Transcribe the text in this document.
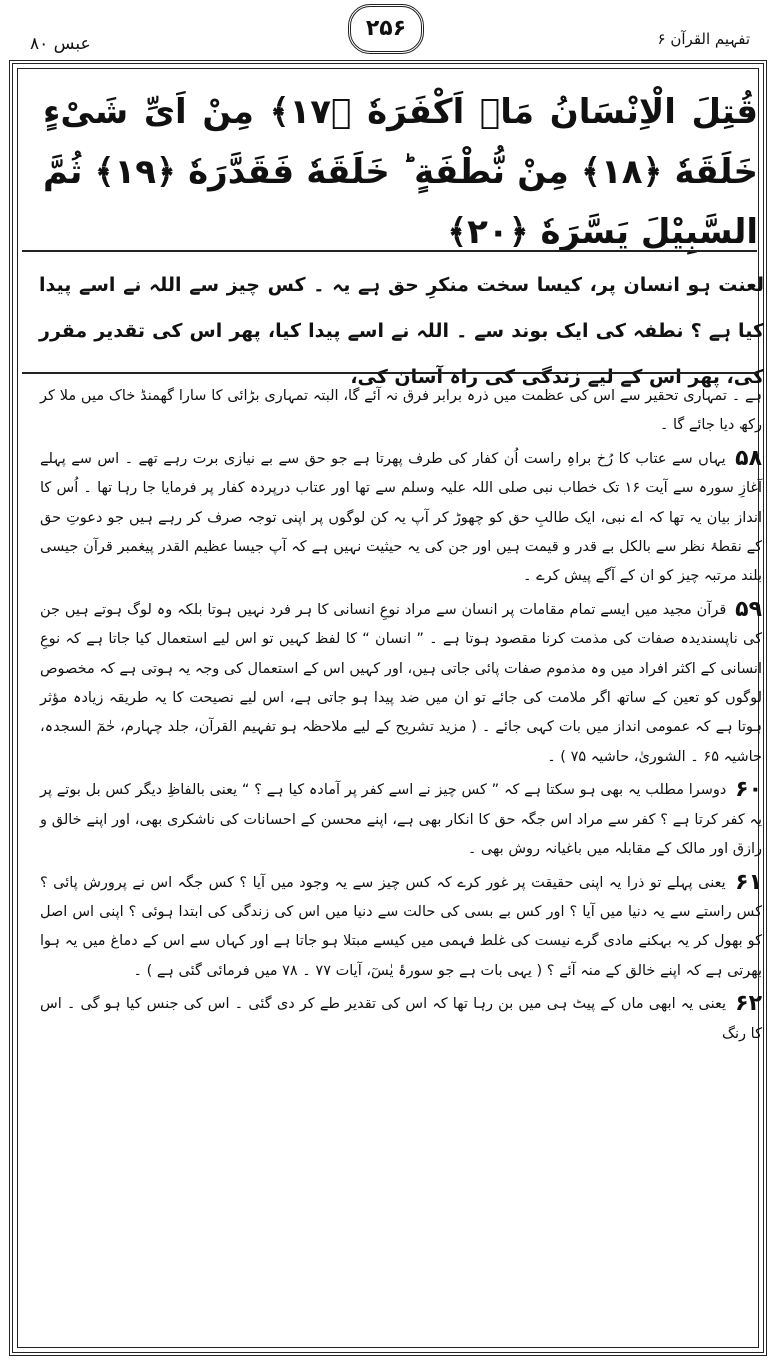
عبس ۸۰
۲۵۶	تفہیم القرآن ۶
قُتِلَ الْاِنْسَانُ مَاۤ اَكْفَرَهٗ ﴿۱۷﴾ مِنْ اَیِّ شَیْءٍ خَلَقَهٗ ﴿۱۸﴾ مِنْ نُّطْفَةٍ ؕ خَلَقَهٗ فَقَدَّرَهٗ ﴿۱۹﴾ ثُمَّ السَّبِیْلَ یَسَّرَهٗ ﴿۲۰﴾
لعنت ہو انسان پر، کیسا سخت منکرِ حق ہے یہ ۔ کس چیز سے اللہ نے اسے پیدا کیا ہے ؟ نطفہ کی ایک بوند سے ۔ اللہ نے اسے پیدا کیا، پھر اس کی تقدیر مقرر کی، پھر اس کے لیے زندگی کی راہ آسان کی،

ہے ۔ تمہاری تحقیر سے اس کی عظمت میں ذرہ برابر فرق نہ آئے گا، البتہ تمہاری بڑائی کا سارا گھمنڈ خاک میں ملا کر رکھ دیا جائے گا ۔

۵۸ یہاں سے عتاب کا رُخ براہِ راست اُن کفار کی طرف پھرتا ہے جو حق سے بے نیازی برت رہے تھے ۔ اس سے پہلے آغازِ سورہ سے آیت ۱۶ تک خطاب نبی صلی اللہ علیہ وسلم سے تھا اور عتاب درپردہ کفار پر فرمایا جا رہا تھا ۔ اُس کا انداز بیان یہ تھا کہ اے نبی، ایک طالبِ حق کو چھوڑ کر آپ یہ کن لوگوں پر اپنی توجہ صرف کر رہے ہیں جو دعوتِ حق کے نقطۂ نظر سے بالکل بے قدر و قیمت ہیں اور جن کی یہ حیثیت نہیں ہے کہ آپ جیسا عظیم القدر پیغمبر قرآن جیسی بلند مرتبہ چیز کو ان کے آگے پیش کرے ۔

۵۹ قرآن مجید میں ایسے تمام مقامات پر انسان سے مراد نوعِ انسانی کا ہر فرد نہیں ہوتا بلکہ وہ لوگ ہوتے ہیں جن کی ناپسندیدہ صفات کی مذمت کرنا مقصود ہوتا ہے ۔ ” انسان “ کا لفظ کہیں تو اس لیے استعمال کیا جاتا ہے کہ نوعِ انسانی کے اکثر افراد میں وہ مذموم صفات پائی جاتی ہیں، اور کہیں اس کے استعمال کی وجہ یہ ہوتی ہے کہ مخصوص لوگوں کو تعین کے ساتھ اگر ملامت کی جائے تو ان میں ضد پیدا ہو جاتی ہے، اس لیے نصیحت کا یہ طریقہ زیادہ مؤثر ہوتا ہے کہ عمومی انداز میں بات کہی جائے ۔ ( مزید تشریح کے لیے ملاحظہ ہو تفہیم القرآن، جلد چہارم، حٰمٓ السجدہ، حاشیہ ۶۵ ۔ الشوریٰ، حاشیہ ۷۵ ) ۔

۶۰ دوسرا مطلب یہ بھی ہو سکتا ہے کہ ” کس چیز نے اسے کفر پر آمادہ کیا ہے ؟ “ یعنی بالفاظِ دیگر کس بل بوتے پر یہ کفر کرتا ہے ؟ کفر سے مراد اس جگہ حق کا انکار بھی ہے، اپنے محسن کے احسانات کی ناشکری بھی، اور اپنے خالق و رازق اور مالک کے مقابلہ میں باغیانہ روش بھی ۔

۶۱ یعنی پہلے تو ذرا یہ اپنی حقیقت پر غور کرے کہ کس چیز سے یہ وجود میں آیا ؟ کس جگہ اس نے پرورش پائی ؟ کس راستے سے یہ دنیا میں آیا ؟ اور کس بے بسی کی حالت سے دنیا میں اس کی زندگی کی ابتدا ہوئی ؟ اپنی اس اصل کو بھول کر یہ بہکنے مادی گرے نیست کی غلط فہمی میں کیسے مبتلا ہو جاتا ہے اور کہاں سے اس کے دماغ میں یہ ہوا بھرتی ہے کہ اپنے خالق کے منہ آئے ؟ ( یہی بات ہے جو سورۂ یٰسٓ، آیات ۷۷ ۔ ۷۸ میں فرمائی گئی ہے ) ۔

۶۲ یعنی یہ ابھی ماں کے پیٹ ہی میں بن رہا تھا کہ اس کی تقدیر طے کر دی گئی ۔ اس کی جنس کیا ہو گی ۔ اس کا رنگ
